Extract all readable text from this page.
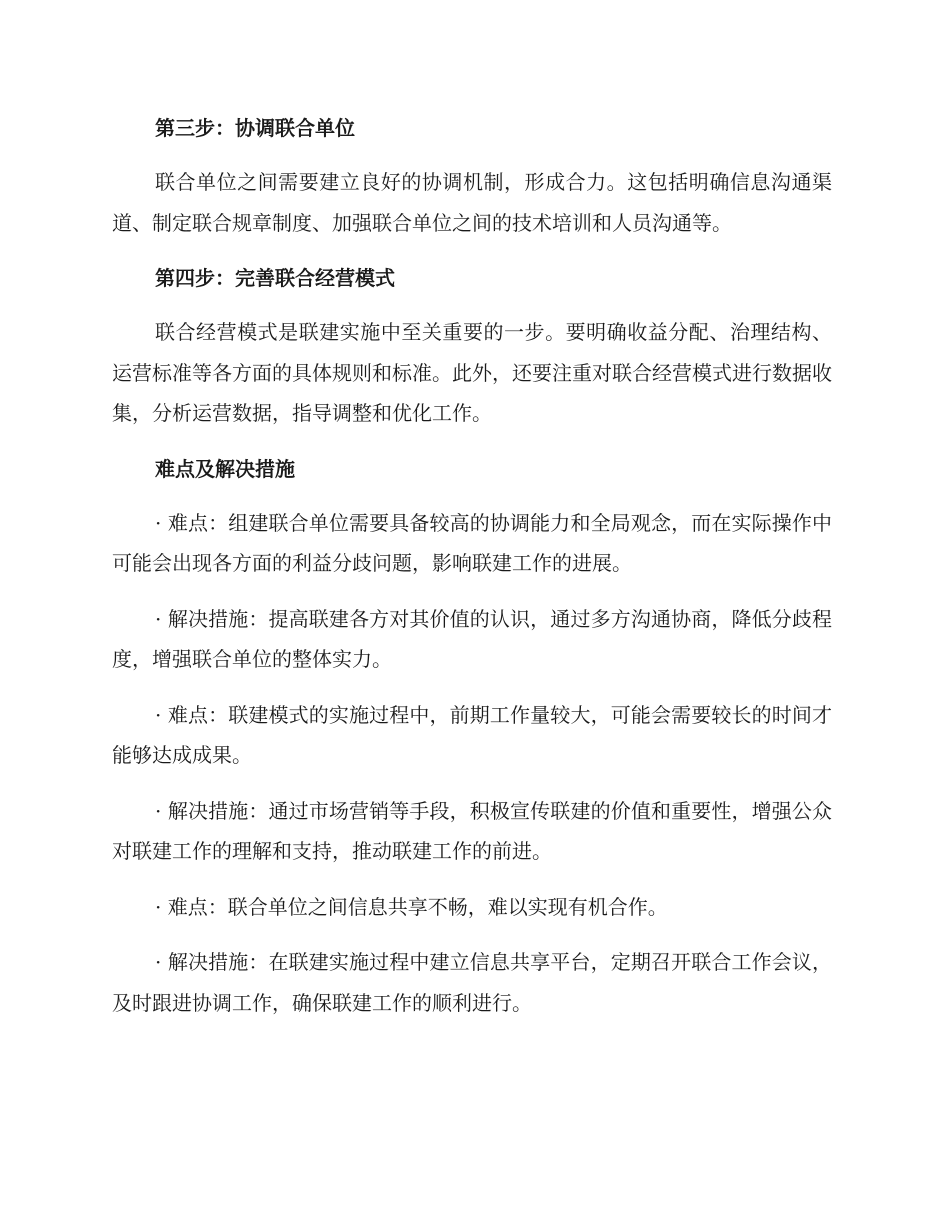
第三步：协调联合单位

联合单位之间需要建立良好的协调机制，形成合力。这包括明确信息沟通渠道、制定联合规章制度、加强联合单位之间的技术培训和人员沟通等。

第四步：完善联合经营模式

联合经营模式是联建实施中至关重要的一步。要明确收益分配、治理结构、运营标准等各方面的具体规则和标准。此外，还要注重对联合经营模式进行数据收集，分析运营数据，指导调整和优化工作。

难点及解决措施

· 难点：组建联合单位需要具备较高的协调能力和全局观念，而在实际操作中可能会出现各方面的利益分歧问题，影响联建工作的进展。

· 解决措施：提高联建各方对其价值的认识，通过多方沟通协商，降低分歧程度，增强联合单位的整体实力。

· 难点：联建模式的实施过程中，前期工作量较大，可能会需要较长的时间才能够达成成果。

· 解决措施：通过市场营销等手段，积极宣传联建的价值和重要性，增强公众对联建工作的理解和支持，推动联建工作的前进。

· 难点：联合单位之间信息共享不畅，难以实现有机合作。

· 解决措施：在联建实施过程中建立信息共享平台，定期召开联合工作会议，及时跟进协调工作，确保联建工作的顺利进行。
